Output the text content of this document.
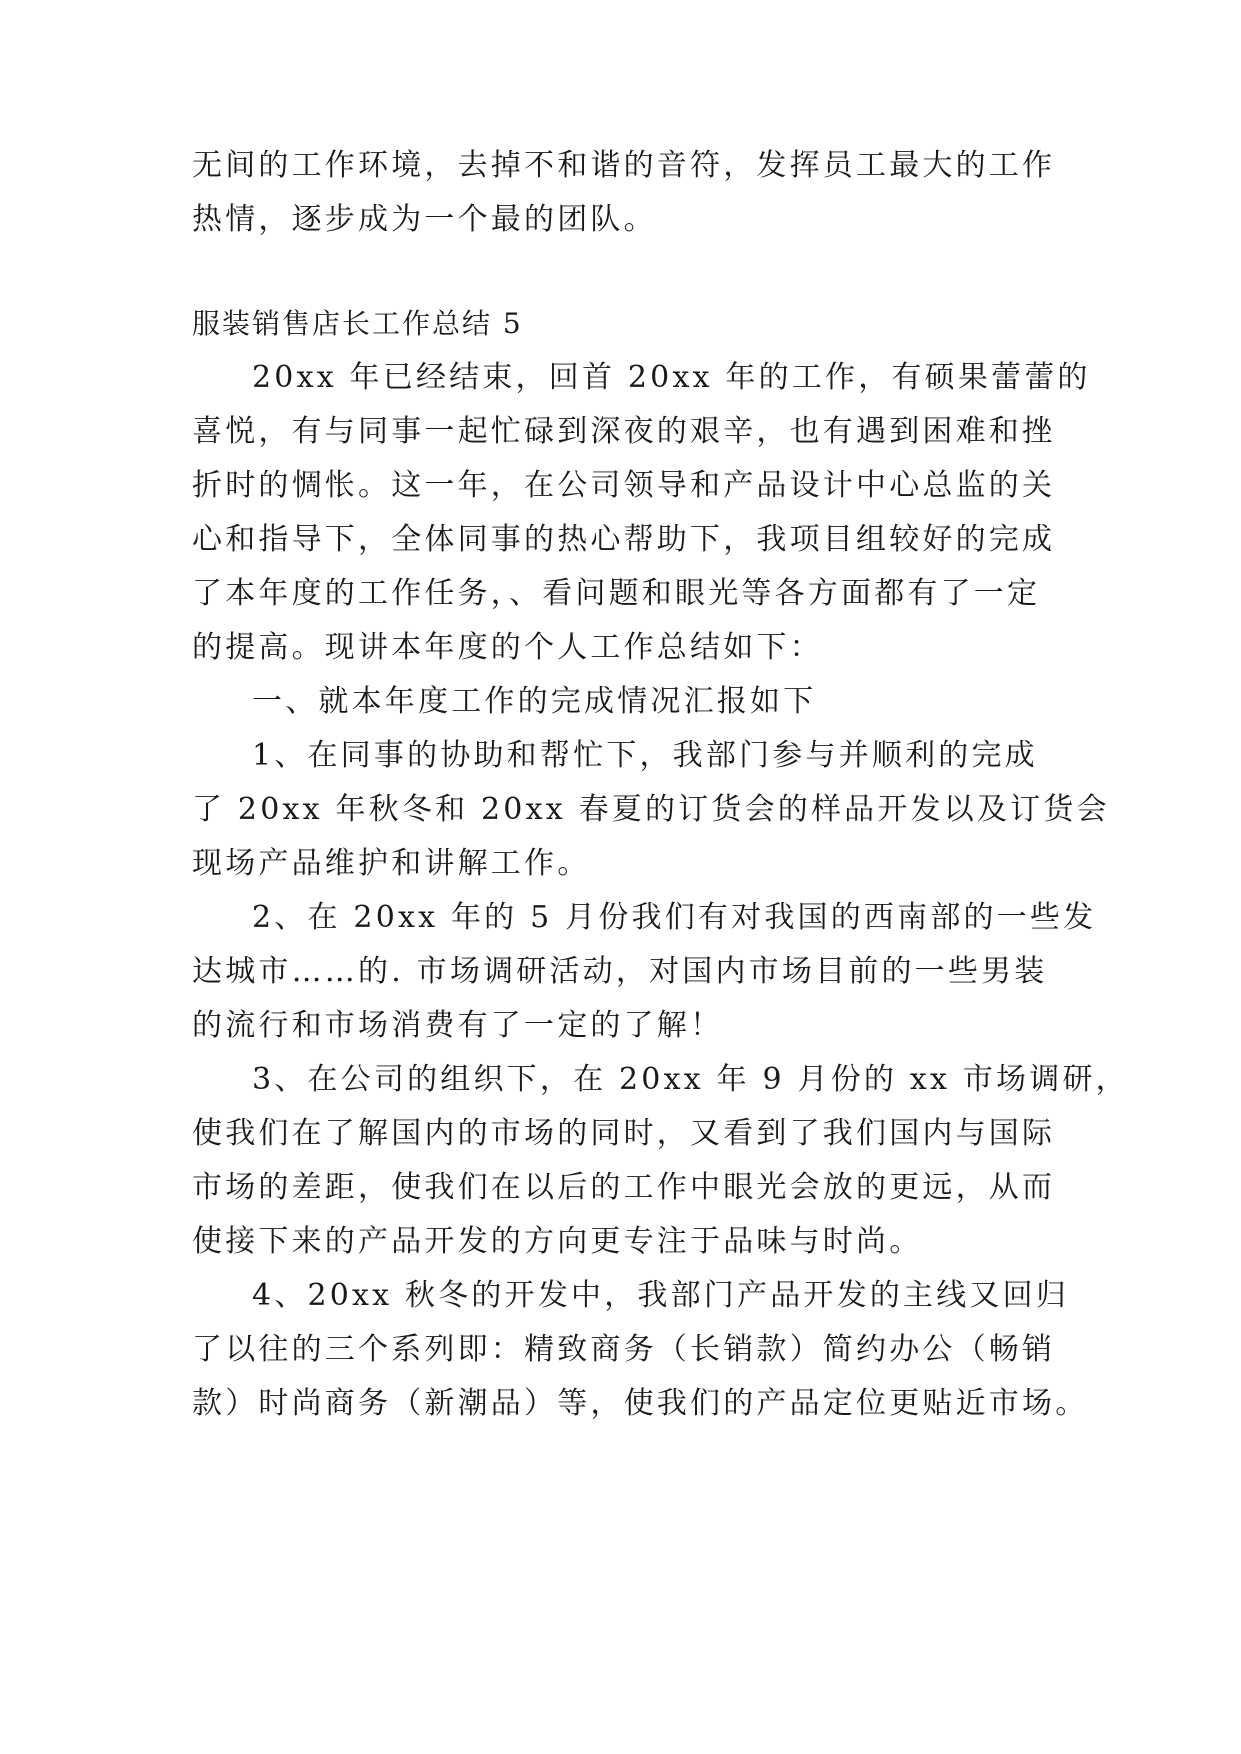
无间的工作环境，去掉不和谐的音符，发挥员工最大的工作
热情，逐步成为一个最的团队。
服装销售店长工作总结 5
20xx 年已经结束，回首 20xx 年的工作，有硕果蕾蕾的
喜悦，有与同事一起忙碌到深夜的艰辛，也有遇到困难和挫
折时的惆怅。这一年，在公司领导和产品设计中心总监的关
心和指导下，全体同事的热心帮助下，我项目组较好的完成
了本年度的工作任务，、看问题和眼光等各方面都有了一定
的提高。现讲本年度的个人工作总结如下：
一、就本年度工作的完成情况汇报如下
1、在同事的协助和帮忙下，我部门参与并顺利的完成
了 20xx 年秋冬和 20xx 春夏的订货会的样品开发以及订货会
现场产品维护和讲解工作。
2、在 20xx 年的 5 月份我们有对我国的西南部的一些发
达城市……的. 市场调研活动，对国内市场目前的一些男装
的流行和市场消费有了一定的了解！
3、在公司的组织下，在 20xx 年 9 月份的 xx 市场调研，
使我们在了解国内的市场的同时，又看到了我们国内与国际
市场的差距，使我们在以后的工作中眼光会放的更远，从而
使接下来的产品开发的方向更专注于品味与时尚。
4、20xx 秋冬的开发中，我部门产品开发的主线又回归
了以往的三个系列即：精致商务（长销款）简约办公（畅销
款）时尚商务（新潮品）等，使我们的产品定位更贴近市场。
